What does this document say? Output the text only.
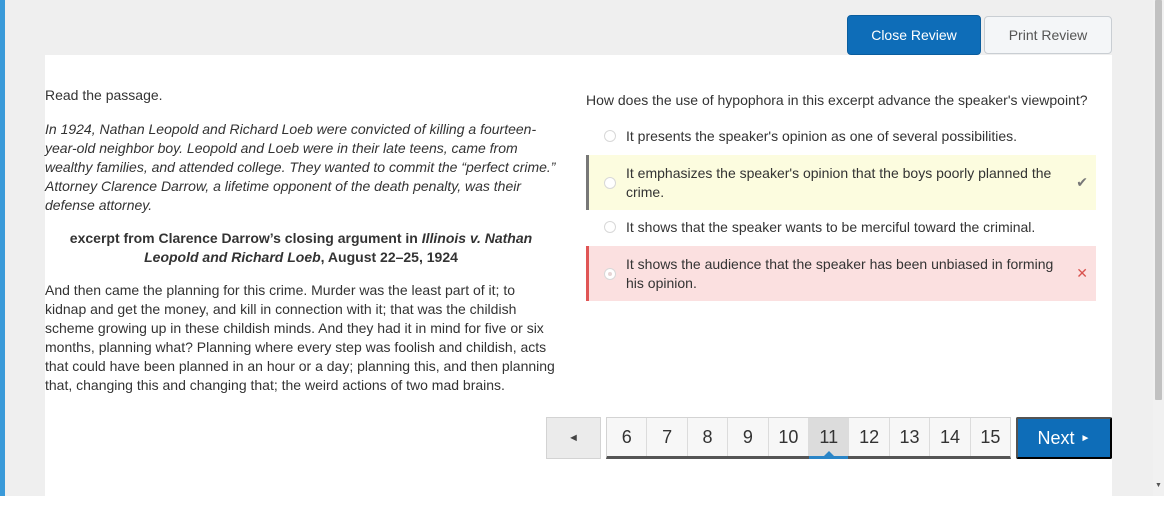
Close Review	Print Review

Read the passage.

In 1924, Nathan Leopold and Richard Loeb were convicted of killing a fourteen-year-old neighbor boy. Leopold and Loeb were in their late teens, came from wealthy families, and attended college. They wanted to commit the “perfect crime.” Attorney Clarence Darrow, a lifetime opponent of the death penalty, was their defense attorney.

excerpt from Clarence Darrow’s closing argument in Illinois v. Nathan Leopold and Richard Loeb, August 22–25, 1924

And then came the planning for this crime. Murder was the least part of it; to kidnap and get the money, and kill in connection with it; that was the childish scheme growing up in these childish minds. And they had it in mind for five or six months, planning what? Planning where every step was foolish and childish, acts that could have been planned in an hour or a day; planning this, and then planning that, changing this and changing that; the weird actions of two mad brains.

How does the use of hypophora in this excerpt advance the speaker's viewpoint?
It presents the speaker's opinion as one of several possibilities.
It emphasizes the speaker's opinion that the boys poorly planned the crime.
✔
It shows that the speaker wants to be merciful toward the criminal.
It shows the audience that the speaker has been unbiased in forming his opinion.
✕
◄	6	7	8	9	10	11	12	13	14	15	Next ►
▼
